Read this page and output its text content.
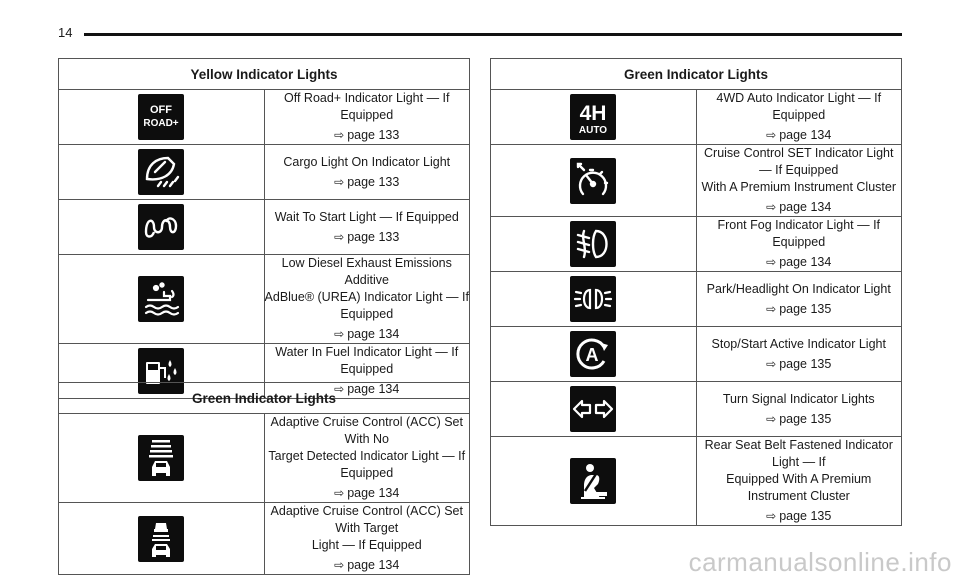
14
Yellow Indicator Lights	

OFF
ROAD+	Off Road+ Indicator Light — If Equipped
⇨ page 133

Cargo Light On Indicator Light
⇨ page 133

Wait To Start Light — If Equipped
⇨ page 133

Low Diesel Exhaust Emissions Additive
AdBlue® (UREA) Indicator Light — If Equipped
⇨ page 134

Water In Fuel Indicator Light — If Equipped
⇨ page 134
Green Indicator Lights	

Adaptive Cruise Control (ACC) Set With No
Target Detected Indicator Light — If Equipped
⇨ page 134

Adaptive Cruise Control (ACC) Set With Target
Light — If Equipped
⇨ page 134
Green Indicator Lights	

4H
AUTO	4WD Auto Indicator Light — If Equipped
⇨ page 134

Cruise Control SET Indicator Light — If Equipped
With A Premium Instrument Cluster
⇨ page 134

Front Fog Indicator Light — If Equipped
⇨ page 134

Park/Headlight On Indicator Light
⇨ page 135

A	Stop/Start Active Indicator Light
⇨ page 135

Turn Signal Indicator Lights
⇨ page 135

Rear Seat Belt Fastened Indicator Light — If
Equipped With A Premium Instrument Cluster
⇨ page 135
carmanualsonline.info
